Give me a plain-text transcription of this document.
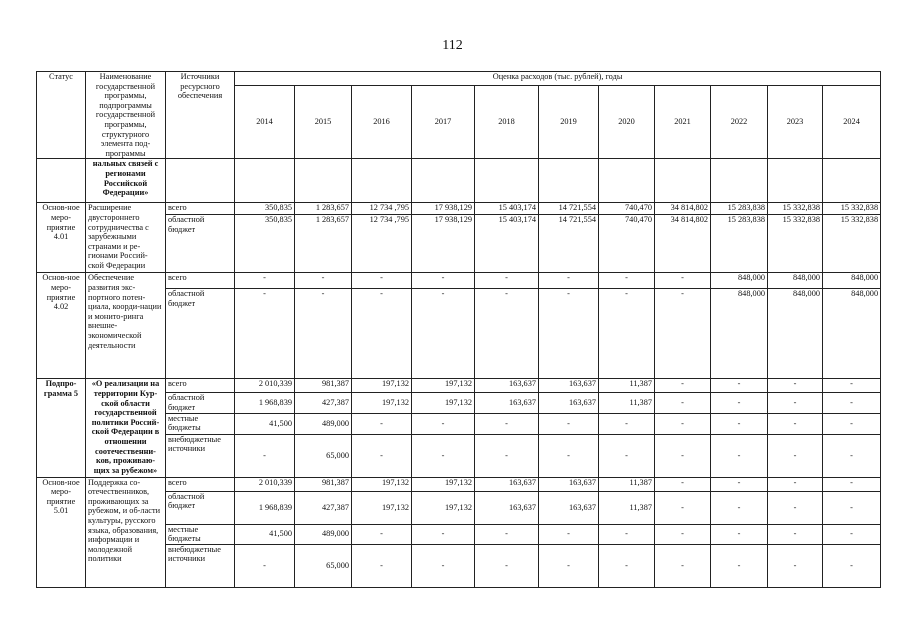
112
Статус	Наименование государственной программы, подпрограммы государственной программы, структурного элемента под-программы	Источники ресурсного обеспечения	Оценка расходов (тыс. рублей), годы										
			2014	2015	2016	2017	2018	2019	2020	2021	2022	2023	2024
	нальных связей с регионами Российской Федерации»												
Основ-ное меро-приятие 4.01	Расширение двустороннего сотрудничества с зарубежными странами и ре-гионами Россий-ской Федерации	всего	350,835	1 283,657	12 734 ,795	17 938,129	15 403,174	14 721,554	740,470	34 814,802	15 283,838	15 332,838	15 332,838
		областной бюджет	350,835	1 283,657	12 734 ,795	17 938,129	15 403,174	14 721,554	740,470	34 814,802	15 283,838	15 332,838	15 332,838
Основ-ное меро-приятие 4.02	Обеспечение развития экс-портного потен-циала, коорди-нации и монито-ринга внешне-экономической деятельности	всего	-	-	-	-	-	-	-	-	848,000	848,000	848,000
		областной бюджет	-	-	-	-	-	-	-	-	848,000	848,000	848,000
Подпро-грамма 5	«О реализации на территории Кур-ской области государственной политики Россий-ской Федерации в отношении соотечественни-ков, проживаю-щих за рубежом»	всего	2 010,339	981,387	197,132	197,132	163,637	163,637	11,387	-	-	-	-
		областной бюджет	1 968,839	427,387	197,132	197,132	163,637	163,637	11,387	-	-	-	-
		местные бюджеты	41,500	489,000	-	-	-	-	-	-	-	-	-
		внебюджетные источники	-	65,000	-	-	-	-	-	-	-	-	-
Основ-ное меро-приятие 5.01	Поддержка со-отечественников, проживающих за рубежом, и об-ласти культуры, русского языка, образования, информации и молодежной политики	всего	2 010,339	981,387	197,132	197,132	163,637	163,637	11,387	-	-	-	-
		областной бюджет	1 968,839	427,387	197,132	197,132	163,637	163,637	11,387	-	-	-	-
		местные бюджеты	41,500	489,000	-	-	-	-	-	-	-	-	-
		внебюджетные источники	-	65,000	-	-	-	-	-	-	-	-	-
